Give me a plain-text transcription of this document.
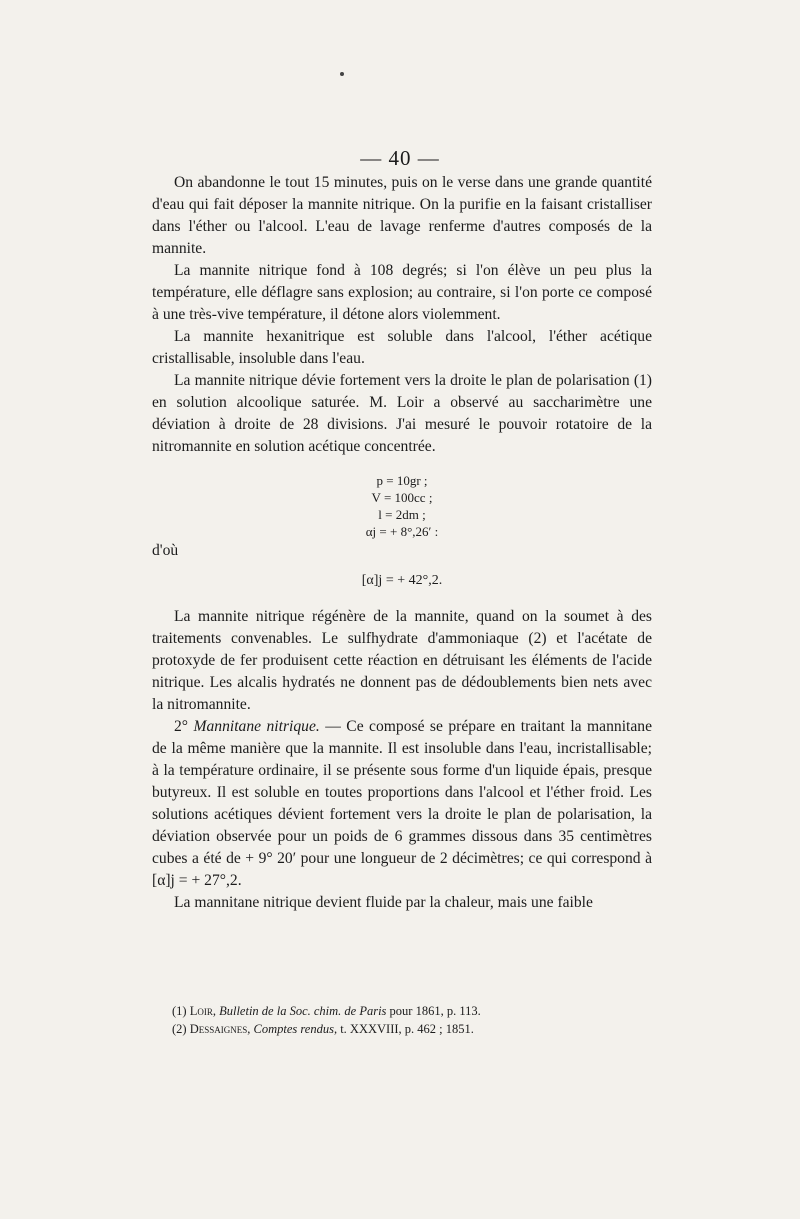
— 40 —

On abandonne le tout 15 minutes, puis on le verse dans une grande quantité d'eau qui fait déposer la mannite nitrique. On la purifie en la faisant cristalliser dans l'éther ou l'alcool. L'eau de lavage renferme d'autres composés de la mannite.

La mannite nitrique fond à 108 degrés; si l'on élève un peu plus la température, elle déflagre sans explosion; au contraire, si l'on porte ce composé à une très-vive température, il détone alors violemment.

La mannite hexanitrique est soluble dans l'alcool, l'éther acétique cristallisable, insoluble dans l'eau.

La mannite nitrique dévie fortement vers la droite le plan de polarisation (1) en solution alcoolique saturée. M. Loir a observé au saccharimètre une déviation à droite de 28 divisions. J'ai mesuré le pouvoir rotatoire de la nitromannite en solution acétique concentrée.

p = 10gr ;
V = 100cc ;
l = 2dm ;
αj = + 8°,26′ :

d'où

[α]j = + 42°,2.

La mannite nitrique régénère de la mannite, quand on la soumet à des traitements convenables. Le sulfhydrate d'ammoniaque (2) et l'acétate de protoxyde de fer produisent cette réaction en détruisant les éléments de l'acide nitrique. Les alcalis hydratés ne donnent pas de dédoublements bien nets avec la nitromannite.

2° Mannitane nitrique. — Ce composé se prépare en traitant la mannitane de la même manière que la mannite. Il est insoluble dans l'eau, incristallisable; à la température ordinaire, il se présente sous forme d'un liquide épais, presque butyreux. Il est soluble en toutes proportions dans l'alcool et l'éther froid. Les solutions acétiques dévient fortement vers la droite le plan de polarisation, la déviation observée pour un poids de 6 grammes dissous dans 35 centimètres cubes a été de + 9° 20′ pour une longueur de 2 décimètres; ce qui correspond à [α]j = + 27°,2.

La mannitane nitrique devient fluide par la chaleur, mais une faible

(1) Loir, Bulletin de la Soc. chim. de Paris pour 1861, p. 113.
(2) Dessaignes, Comptes rendus, t. XXXVIII, p. 462 ; 1851.
